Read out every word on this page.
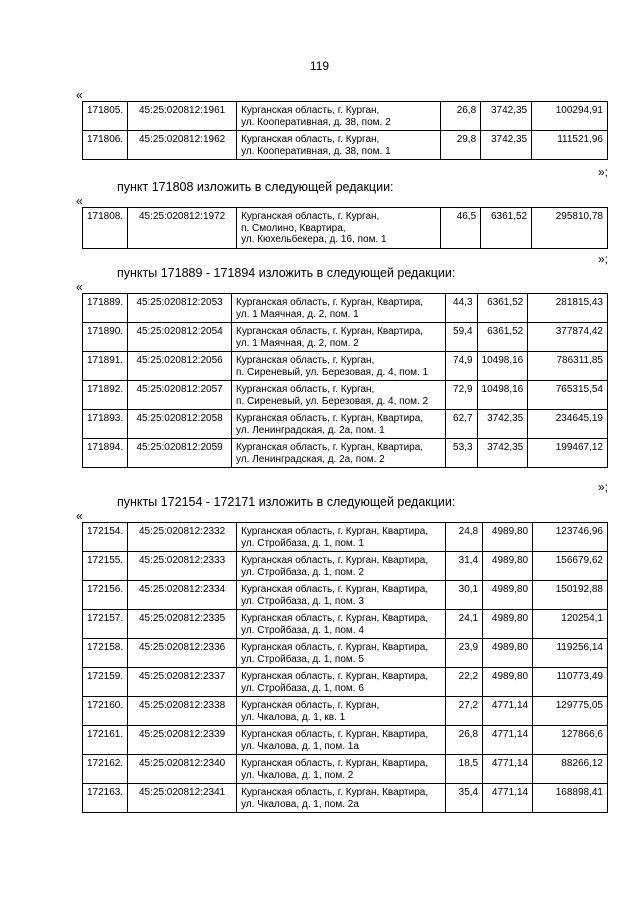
119
«
171805.	45:25:020812:1961	Курганская область, г. Курган,
ул. Кооперативная, д. 38, пом. 2	26,8	3742,35	100294,91
171806.	45:25:020812:1962	Курганская область, г. Курган,
ул. Кооперативная, д. 38, пом. 1	29,8	3742,35	111521,96
»;
пункт 171808 изложить в следующей редакции:
«
171808.	45:25:020812:1972	Курганская область, г. Курган,
п. Смолино, Квартира,
ул. Кюхельбекера, д. 16, пом. 1	46,5	6361,52	295810,78
»;
пункты 171889 - 171894 изложить в следующей редакции:
«
171889.	45:25:020812:2053	Курганская область, г. Курган, Квартира,
ул. 1 Маячная, д. 2, пом. 1	44,3	6361,52	281815,43
171890.	45:25:020812:2054	Курганская область, г. Курган, Квартира,
ул. 1 Маячная, д. 2, пом. 2	59,4	6361,52	377874,42
171891.	45:25:020812:2056	Курганская область, г. Курган,
п. Сиреневый, ул. Березовая, д. 4, пом. 1	74,9	10498,16	786311,85
171892.	45:25:020812:2057	Курганская область, г. Курган,
п. Сиреневый, ул. Березовая, д. 4, пом. 2	72,9	10498,16	765315,54
171893.	45:25:020812:2058	Курганская область, г. Курган, Квартира,
ул. Ленинградская, д. 2а, пом. 1	62,7	3742,35	234645,19
171894.	45:25:020812:2059	Курганская область, г. Курган, Квартира,
ул. Ленинградская, д. 2а, пом. 2	53,3	3742,35	199467,12
»;
пункты 172154 - 172171 изложить в следующей редакции:
«
172154.	45:25:020812:2332	Курганская область, г. Курган, Квартира,
ул. Стройбаза, д. 1, пом. 1	24,8	4989,80	123746,96
172155.	45:25:020812:2333	Курганская область, г. Курган, Квартира,
ул. Стройбаза, д. 1, пом. 2	31,4	4989,80	156679,62
172156.	45:25:020812:2334	Курганская область, г. Курган, Квартира,
ул. Стройбаза, д. 1, пом. 3	30,1	4989,80	150192,88
172157.	45:25:020812:2335	Курганская область, г. Курган, Квартира,
ул. Стройбаза, д. 1, пом. 4	24,1	4989,80	120254,1
172158.	45:25:020812:2336	Курганская область, г. Курган, Квартира,
ул. Стройбаза, д. 1, пом. 5	23,9	4989,80	119256,14
172159.	45:25:020812:2337	Курганская область, г. Курган, Квартира,
ул. Стройбаза, д. 1, пом. 6	22,2	4989,80	110773,49
172160.	45:25:020812:2338	Курганская область, г. Курган,
ул. Чкалова, д. 1, кв. 1	27,2	4771,14	129775,05
172161.	45:25:020812:2339	Курганская область, г. Курган, Квартира,
ул. Чкалова, д. 1, пом. 1а	26,8	4771,14	127866,6
172162.	45:25:020812:2340	Курганская область, г. Курган, Квартира,
ул. Чкалова, д. 1, пом. 2	18,5	4771,14	88266,12
172163.	45:25:020812:2341	Курганская область, г. Курган, Квартира,
ул. Чкалова, д. 1, пом. 2а	35,4	4771,14	168898,41
